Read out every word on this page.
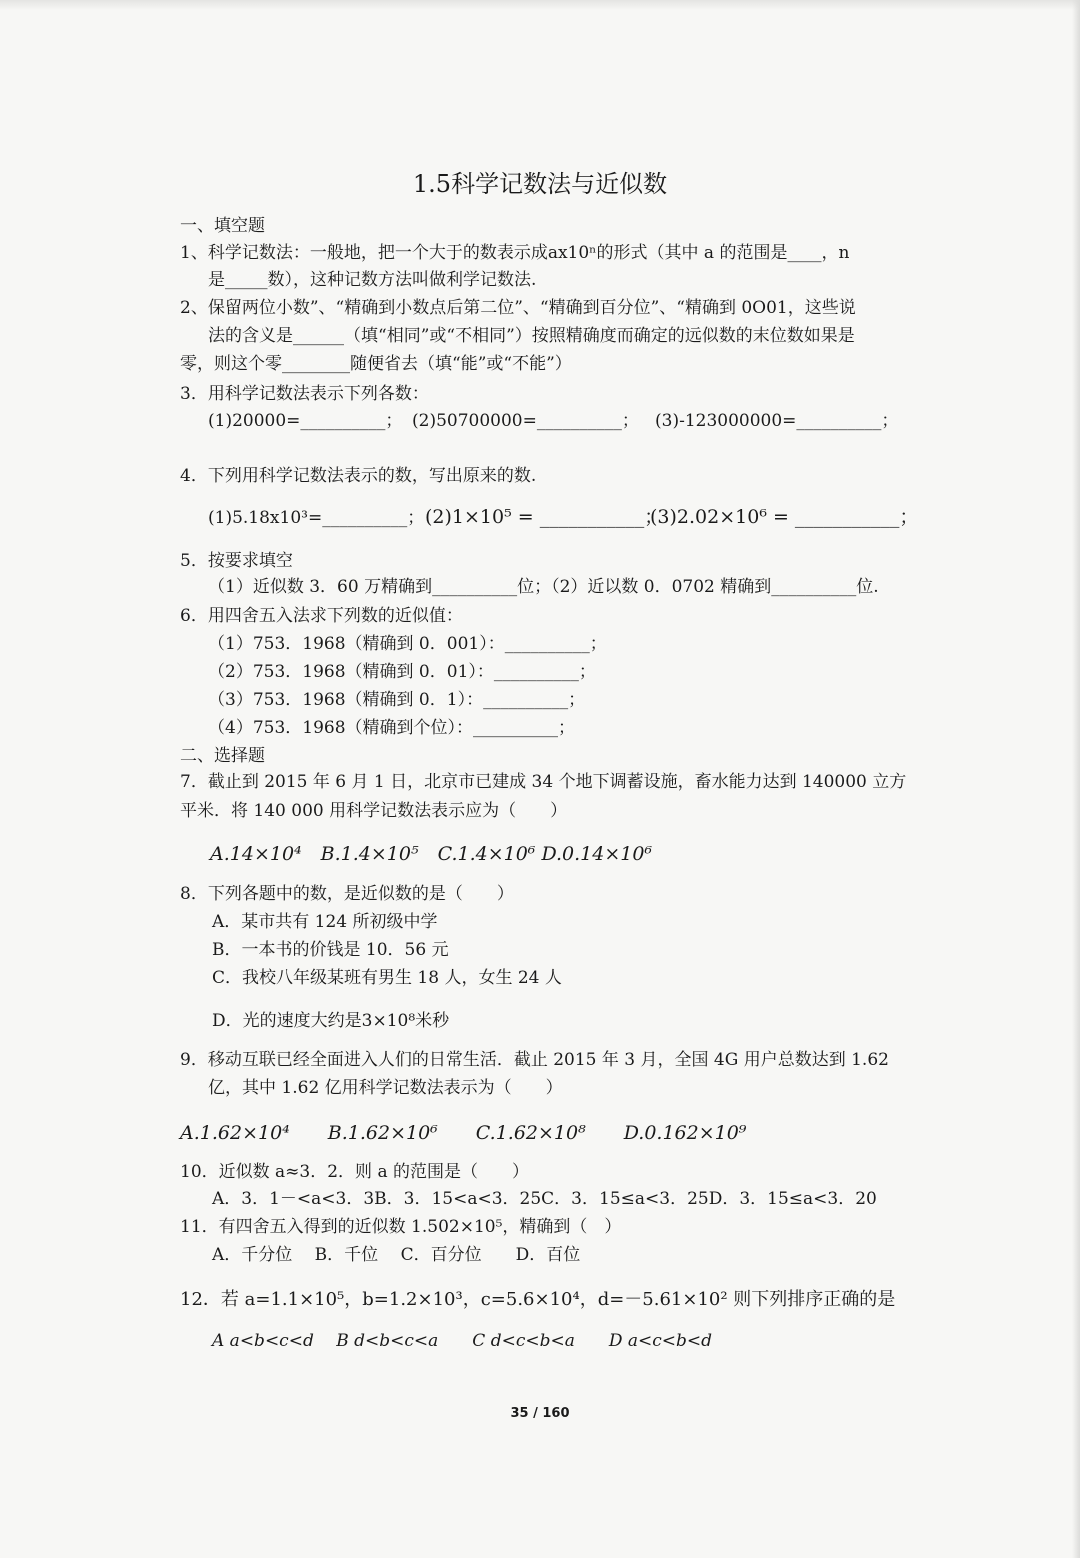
1.5科学记数法与近似数
一、填空题
1、科学记数法：一般地，把一个大于的数表示成ax10ⁿ的形式（其中 a 的范围是____，n
是_____数），这种记数方法叫做利学记数法.
2、保留两位小数”、“精确到小数点后第二位”、“精确到百分位”、“精确到 0O01，这些说
法的含义是______（填“相同”或“不相同”）按照精确度而确定的远似数的末位数如果是
零，则这个零________随便省去（填“能”或“不能”）
3．用科学记数法表示下列各数：
(1)20000=__________； (2)50700000=__________； (3)-123000000=__________；
4．下列用科学记数法表示的数，写出原来的数.
(1)5.18x10³=__________； (2)1×10⁵ = ___________；
(3)2.02×10⁶ = ___________；
5．按要求填空
（1）近似数 3．60 万精确到__________位；（2）近以数 0．0702 精确到__________位.
6．用四舍五入法求下列数的近似值：
（1）753．1968（精确到 0．001）：__________；
（2）753．1968（精确到 0．01）：__________；
（3）753．1968（精确到 0．1）：__________；
（4）753．1968（精确到个位）：__________；
二、选择题
7．截止到 2015 年 6 月 1 日，北京市已建成 34 个地下调蓄设施，畜水能力达到 140000 立方
平米．将 140 000 用科学记数法表示应为（　　）
A.14×10⁴　B.1.4×10⁵　C.1.4×10⁶ D.0.14×10⁶
8．下列各题中的数，是近似数的是（　　）
A．某市共有 124 所初级中学
B．一本书的价钱是 10．56 元
C．我校八年级某班有男生 18 人，女生 24 人
D．光的速度大约是3×10⁸米秒
9．移动互联已经全面进入人们的日常生活．截止 2015 年 3 月，全国 4G 用户总数达到 1.62
亿，其中 1.62 亿用科学记数法表示为（　　）
A.1.62×10⁴　　B.1.62×10⁶　　C.1.62×10⁸　　D.0.162×10⁹
10．近似数 a≈3．2．则 a 的范围是（　　）
A．3．1－<a<3．3B．3．15<a<3．25C．3．15≤a<3．25D．3．15≤a<3．20
11．有四舍五入得到的近似数 1.502×10⁵，精确到（　）
A．千分位　 B．千位　 C．百分位　　D．百位
12．若 a=1.1×10⁵，b=1.2×10³，c=5.6×10⁴，d=－5.61×10² 则下列排序正确的是
A a<b<c<d　 B d<b<c<a　　C d<c<b<a　　D a<c<b<d
35 / 160
